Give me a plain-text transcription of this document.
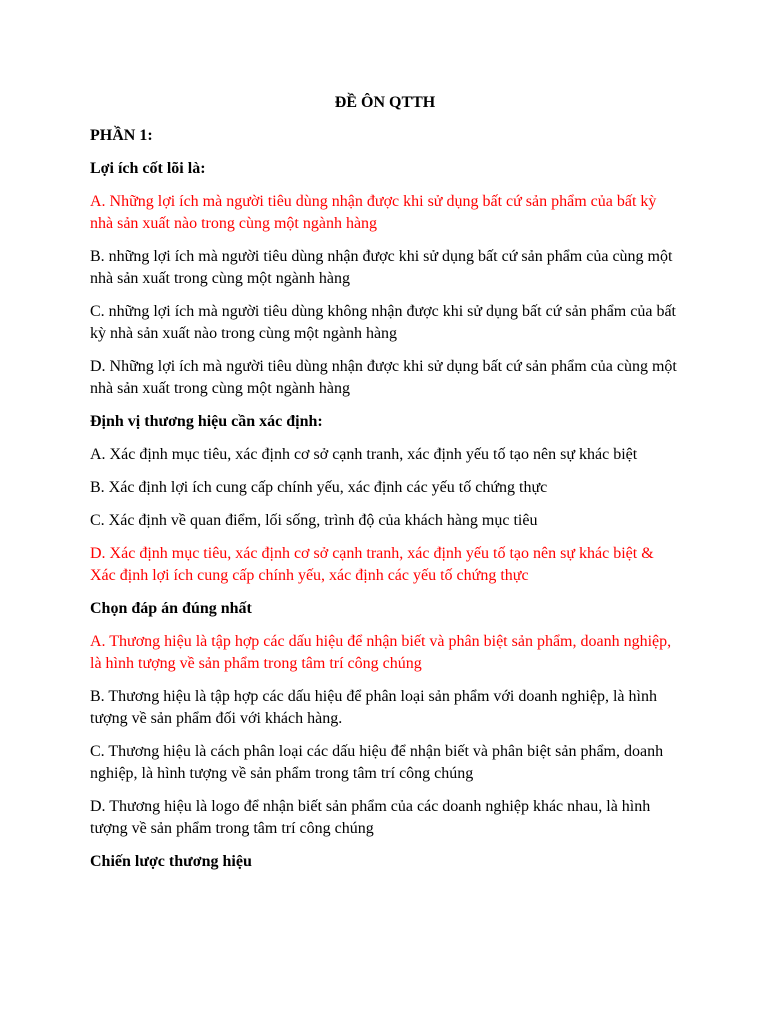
ĐỀ ÔN QTTH
PHẦN 1:
Lợi ích cốt lõi là:
A. Những lợi ích mà người tiêu dùng nhận được khi sử dụng bất cứ sản phẩm của bất kỳ nhà sản xuất nào trong cùng một ngành hàng
B. những lợi ích mà người tiêu dùng nhận được khi sử dụng bất cứ sản phẩm của cùng một nhà sản xuất trong cùng một ngành hàng
C. những lợi ích mà người tiêu dùng không nhận được khi sử dụng bất cứ sản phẩm của bất kỳ nhà sản xuất nào trong cùng một ngành hàng
D. Những lợi ích mà người tiêu dùng nhận được khi sử dụng bất cứ sản phẩm của cùng một nhà sản xuất trong cùng một ngành hàng
Định vị thương hiệu cần xác định:
A. Xác định mục tiêu, xác định cơ sở cạnh tranh, xác định yếu tố tạo nên sự khác biệt
B. Xác định lợi ích cung cấp chính yếu, xác định các yếu tố chứng thực
C. Xác định về quan điểm, lối sống, trình độ của khách hàng mục tiêu
D. Xác định mục tiêu, xác định cơ sở cạnh tranh, xác định yếu tố tạo nên sự khác biệt & Xác định lợi ích cung cấp chính yếu, xác định các yếu tố chứng thực
Chọn đáp án đúng nhất
A. Thương hiệu là tập hợp các dấu hiệu để nhận biết và phân biệt sản phẩm, doanh nghiệp, là hình tượng về sản phẩm trong tâm trí công chúng
B. Thương hiệu là tập hợp các dấu hiệu để phân loại sản phẩm với doanh nghiệp, là hình tượng về sản phẩm đối với khách hàng.
C. Thương hiệu là cách phân loại các dấu hiệu để nhận biết và phân biệt sản phẩm, doanh nghiệp, là hình tượng về sản phẩm trong tâm trí công chúng
D. Thương hiệu là logo để nhận biết sản phẩm của các doanh nghiệp khác nhau, là hình tượng về sản phẩm trong tâm trí công chúng
Chiến lược thương hiệu
